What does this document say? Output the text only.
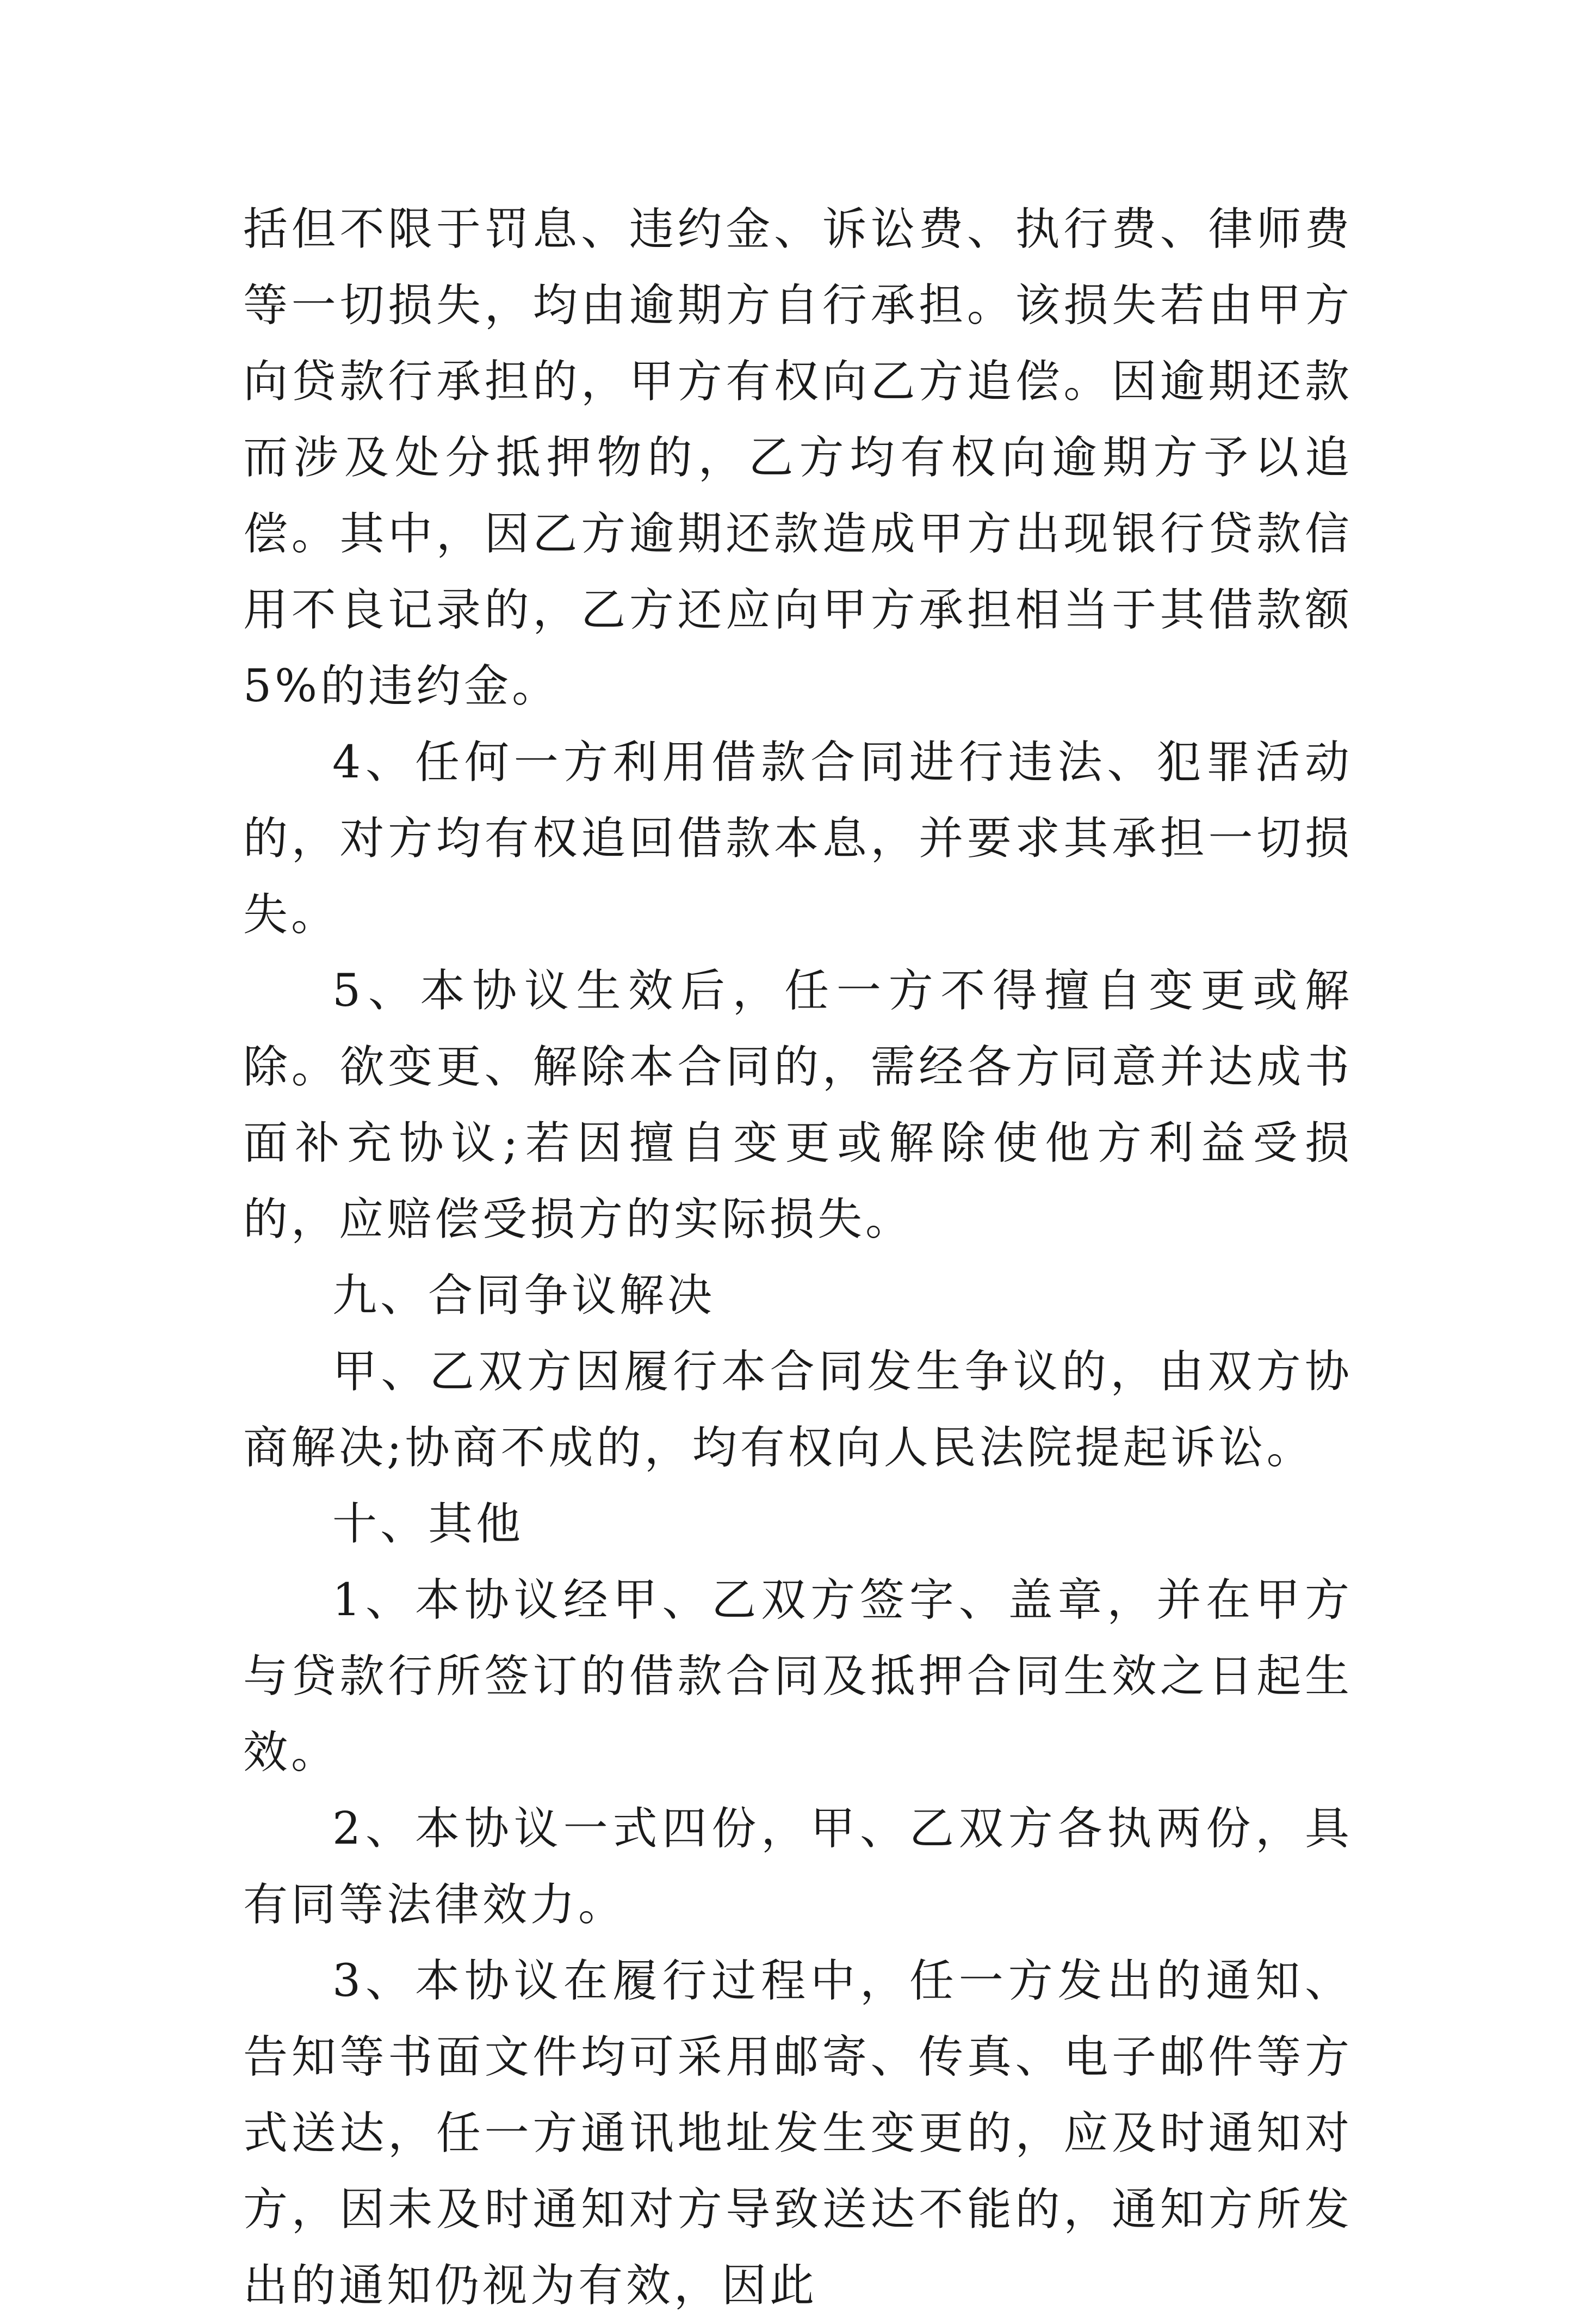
括但不限于罚息、违约金、诉讼费、执行费、律师费等一切损失，均由逾期方自行承担。该损失若由甲方向贷款行承担的，甲方有权向乙方追偿。因逾期还款而涉及处分抵押物的，乙方均有权向逾期方予以追偿。其中，因乙方逾期还款造成甲方出现银行贷款信用不良记录的，乙方还应向甲方承担相当于其借款额5%的违约金。

4、任何一方利用借款合同进行违法、犯罪活动的，对方均有权追回借款本息，并要求其承担一切损失。

5、本协议生效后，任一方不得擅自变更或解除。欲变更、解除本合同的，需经各方同意并达成书面补充协议;若因擅自变更或解除使他方利益受损的，应赔偿受损方的实际损失。

九、合同争议解决

甲、乙双方因履行本合同发生争议的，由双方协商解决;协商不成的，均有权向人民法院提起诉讼。

十、其他

1、本协议经甲、乙双方签字、盖章，并在甲方与贷款行所签订的借款合同及抵押合同生效之日起生效。

2、本协议一式四份，甲、乙双方各执两份，具有同等法律效力。

3、本协议在履行过程中，任一方发出的通知、告知等书面文件均可采用邮寄、传真、电子邮件等方式送达，任一方通讯地址发生变更的，应及时通知对方，因未及时通知对方导致送达不能的，通知方所发出的通知仍视为有效，因此
